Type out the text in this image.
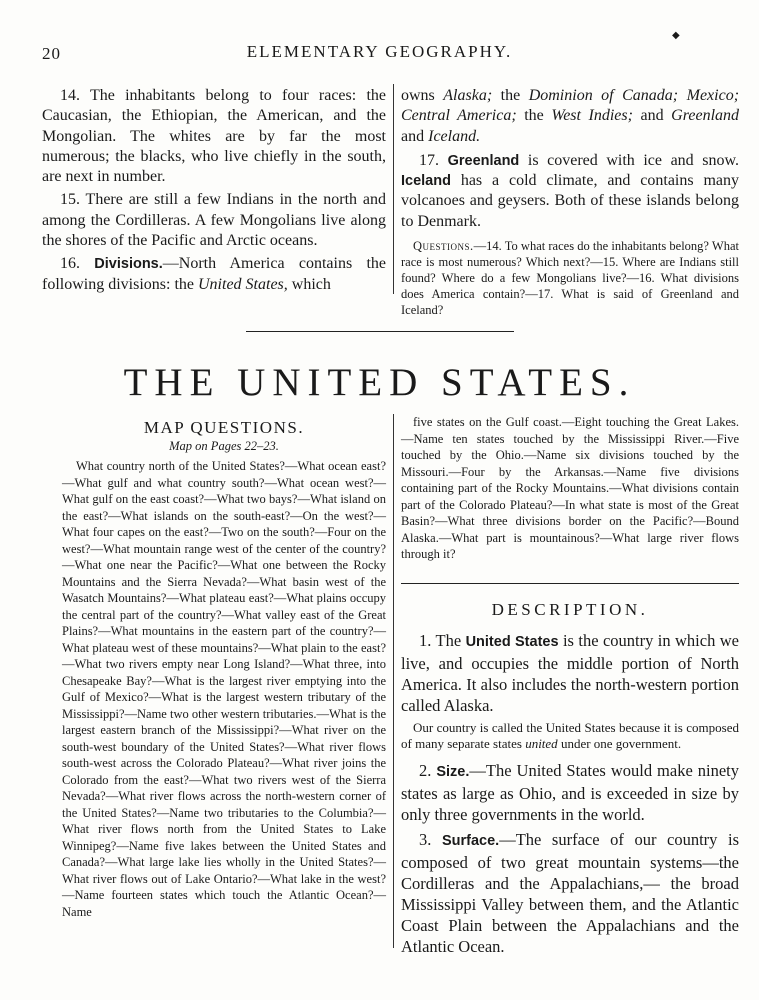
20	ELEMENTARY GEOGRAPHY.
◆

14. The inhabitants belong to four races: the Caucasian, the Ethiopian, the American, and the Mongolian. The whites are by far the most numerous; the blacks, who live chiefly in the south, are next in number.

15. There are still a few Indians in the north and among the Cordilleras. A few Mongolians live along the shores of the Pacific and Arctic oceans.

16. Divisions.—North America contains the following divisions: the United States, which

owns Alaska; the Dominion of Canada; Mexico; Central America; the West Indies; and Greenland and Iceland.

17. Greenland is covered with ice and snow. Iceland has a cold climate, and contains many volcanoes and geysers. Both of these islands belong to Denmark.

Questions.—14. To what races do the inhabitants belong? What race is most numerous? Which next?—15. Where are Indians still found? Where do a few Mongolians live?—16. What divisions does America contain?—17. What is said of Greenland and Iceland?

THE UNITED STATES.
MAP QUESTIONS.
Map on Pages 22–23.

What country north of the United States?—What ocean east?—What gulf and what country south?—What ocean west?—What gulf on the east coast?—What two bays?—What island on the east?—What islands on the south-east?—On the west?—What four capes on the east?—Two on the south?—Four on the west?—What mountain range west of the center of the country?—What one near the Pacific?—What one between the Rocky Mountains and the Sierra Nevada?—What basin west of the Wasatch Mountains?—What plateau east?—What plains occupy the central part of the country?—What valley east of the Great Plains?—What mountains in the eastern part of the country?—What plateau west of these mountains?—What plain to the east?—What two rivers empty near Long Island?—What three, into Chesapeake Bay?—What is the largest river emptying into the Gulf of Mexico?—What is the largest western tributary of the Mississippi?—Name two other western tributaries.—What is the largest eastern branch of the Mississippi?—What river on the south-west boundary of the United States?—What river flows south-west across the Colorado Plateau?—What river joins the Colorado from the east?—What two rivers west of the Sierra Nevada?—What river flows across the north-western corner of the United States?—Name two tributaries to the Columbia?—What river flows north from the United States to Lake Winnipeg?—Name five lakes between the United States and Canada?—What large lake lies wholly in the United States?—What river flows out of Lake Ontario?—What lake in the west?—Name fourteen states which touch the Atlantic Ocean?—Name

five states on the Gulf coast.—Eight touching the Great Lakes.—Name ten states touched by the Mississippi River.—Five touched by the Ohio.—Name six divisions touched by the Missouri.—Four by the Arkansas.—Name five divisions containing part of the Rocky Mountains.—What divisions contain part of the Colorado Plateau?—In what state is most of the Great Basin?—What three divisions border on the Pacific?—Bound Alaska.—What part is mountainous?—What large river flows through it?

DESCRIPTION.

1. The United States is the country in which we live, and occupies the middle portion of North America. It also includes the north-western portion called Alaska.

Our country is called the United States because it is composed of many separate states united under one government.

2. Size.—The United States would make ninety states as large as Ohio, and is exceeded in size by only three governments in the world.

3. Surface.—The surface of our country is composed of two great mountain systems—the Cordilleras and the Appalachians,— the broad Mississippi Valley between them, and the Atlantic Coast Plain between the Appalachians and the Atlantic Ocean.
